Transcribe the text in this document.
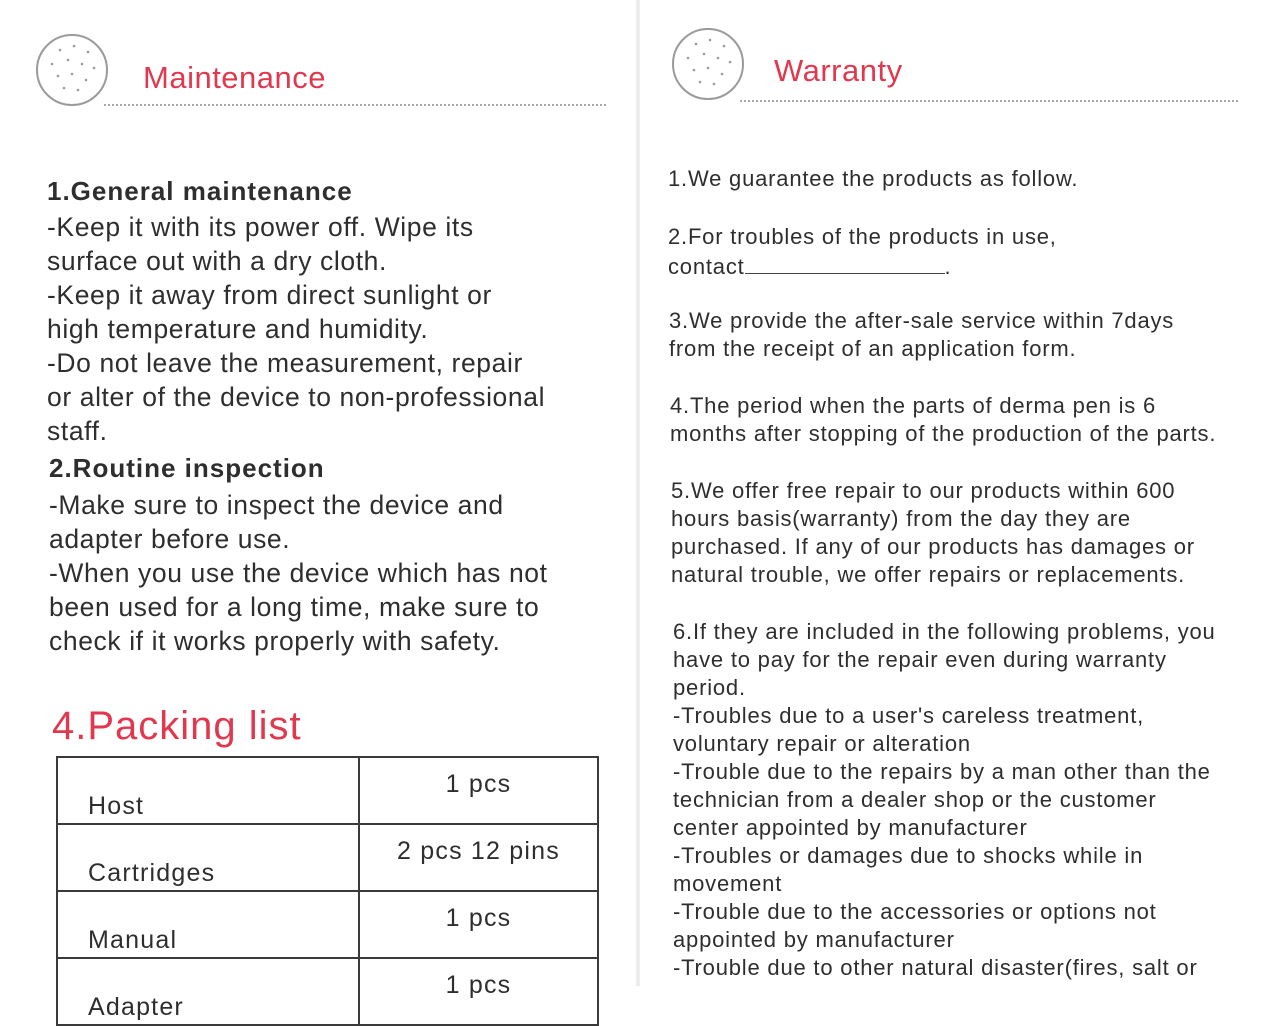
Maintenance
1.General maintenance
-Keep it with its power off. Wipe its
surface out with a dry cloth.
-Keep it away from direct sunlight or
high temperature and humidity.
-Do not leave the measurement, repair
or alter of the device to non-professional
staff.
2.Routine inspection
-Make sure to inspect the device and
adapter before use.
-When you use the device which has not
been used for a long time, make sure to
check if it works properly with safety.
4.Packing list
Host	1 pcs
Cartridges	2 pcs 12 pins
Manual	1 pcs
Adapter	1 pcs
Warranty
1.We guarantee the products as follow.
2.For troubles of the products in use,
contact	.
3.We provide the after-sale service within 7days
from the receipt of an application form.
4.The period when the parts of derma pen is 6
months after stopping of the production of the parts.
5.We offer free repair to our products within 600
hours basis(warranty) from the day they are
purchased. If any of our products has damages or
natural trouble, we offer repairs or replacements.
6.If they are included in the following problems, you
have to pay for the repair even during warranty
period.
-Troubles due to a user's careless treatment,
voluntary repair or alteration
-Trouble due to the repairs by a man other than the
technician from a dealer shop or the customer
center appointed by manufacturer
-Troubles or damages due to shocks while in
movement
-Trouble due to the accessories or options not
appointed by manufacturer
-Trouble due to other natural disaster(fires, salt or
